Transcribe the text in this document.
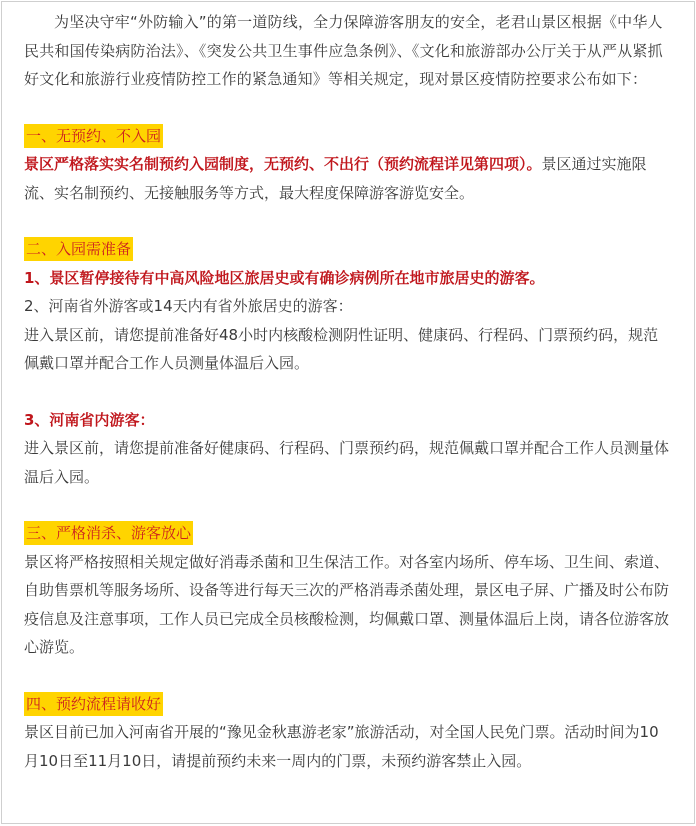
为坚决守牢“外防输入”的第一道防线，全力保障游客朋友的安全，老君山景区根据《中华人民共和国传染病防治法》、《突发公共卫生事件应急条例》、《文化和旅游部办公厅关于从严从紧抓好文化和旅游行业疫情防控工作的紧急通知》等相关规定，现对景区疫情防控要求公布如下：

一、无预约、不入园

景区严格落实实名制预约入园制度，无预约、不出行（预约流程详见第四项）。景区通过实施限流、实名制预约、无接触服务等方式，最大程度保障游客游览安全。

二、入园需准备

1、景区暂停接待有中高风险地区旅居史或有确诊病例所在地市旅居史的游客。

2、河南省外游客或14天内有省外旅居史的游客：

进入景区前，请您提前准备好48小时内核酸检测阴性证明、健康码、行程码、门票预约码，规范佩戴口罩并配合工作人员测量体温后入园。

3、河南省内游客：

进入景区前，请您提前准备好健康码、行程码、门票预约码，规范佩戴口罩并配合工作人员测量体温后入园。

三、严格消杀、游客放心

景区将严格按照相关规定做好消毒杀菌和卫生保洁工作。对各室内场所、停车场、卫生间、索道、自助售票机等服务场所、设备等进行每天三次的严格消毒杀菌处理，景区电子屏、广播及时公布防疫信息及注意事项，工作人员已完成全员核酸检测，均佩戴口罩、测量体温后上岗，请各位游客放心游览。

四、预约流程请收好

景区目前已加入河南省开展的“豫见金秋惠游老家”旅游活动，对全国人民免门票。活动时间为10月10日至11月10日，请提前预约未来一周内的门票，未预约游客禁止入园。
